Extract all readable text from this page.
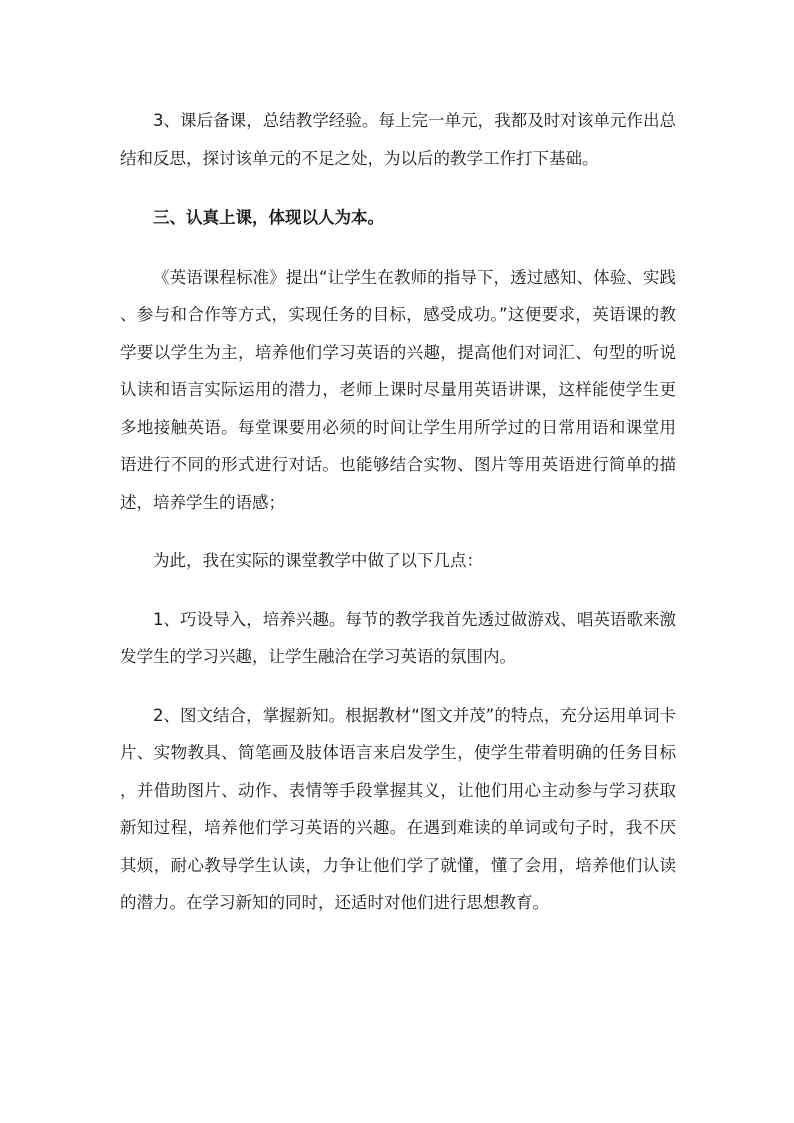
3、课后备课，总结教学经验。每上完一单元，我都及时对该单元作出总结和反思，探讨该单元的不足之处，为以后的教学工作打下基础。

三、认真上课，体现以人为本。

《英语课程标准》提出“让学生在教师的指导下，透过感知、体验、实践、参与和合作等方式，实现任务的目标，感受成功。”这便要求，英语课的教学要以学生为主，培养他们学习英语的兴趣，提高他们对词汇、句型的听说认读和语言实际运用的潜力，老师上课时尽量用英语讲课，这样能使学生更多地接触英语。每堂课要用必须的时间让学生用所学过的日常用语和课堂用语进行不同的形式进行对话。也能够结合实物、图片等用英语进行简单的描述，培养学生的语感；

为此，我在实际的课堂教学中做了以下几点：

1、巧设导入，培养兴趣。每节的教学我首先透过做游戏、唱英语歌来激发学生的学习兴趣，让学生融洽在学习英语的氛围内。

2、图文结合，掌握新知。根据教材“图文并茂”的特点，充分运用单词卡片、实物教具、简笔画及肢体语言来启发学生，使学生带着明确的任务目标，并借助图片、动作、表情等手段掌握其义，让他们用心主动参与学习获取新知过程，培养他们学习英语的兴趣。在遇到难读的单词或句子时，我不厌其烦，耐心教导学生认读，力争让他们学了就懂，懂了会用，培养他们认读的潜力。在学习新知的同时，还适时对他们进行思想教育。
